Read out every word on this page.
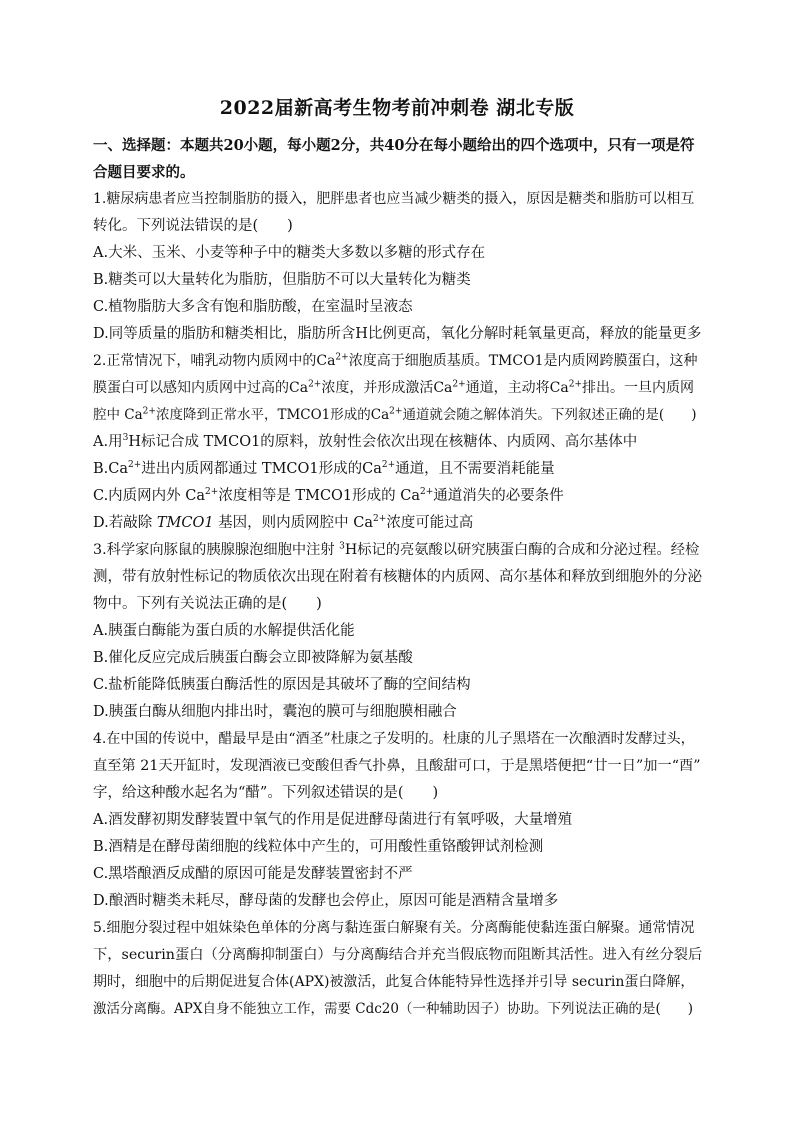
2022届新高考生物考前冲刺卷 湖北专版
一、选择题：本题共20小题，每小题2分，共40分在每小题给出的四个选项中，只有一项是符
合题目要求的。
1.糖尿病患者应当控制脂肪的摄入，肥胖患者也应当减少糖类的摄入，原因是糖类和脂肪可以相互
转化。下列说法错误的是(　　)
A.大米、玉米、小麦等种子中的糖类大多数以多糖的形式存在
B.糖类可以大量转化为脂肪，但脂肪不可以大量转化为糖类
C.植物脂肪大多含有饱和脂肪酸，在室温时呈液态
D.同等质量的脂肪和糖类相比，脂肪所含H比例更高，氧化分解时耗氧量更高，释放的能量更多
2.正常情况下，哺乳动物内质网中的$Ca^{2+}$浓度高于细胞质基质。TMCO1是内质网跨膜蛋白，这种
膜蛋白可以感知内质网中过高的$Ca^{2+}$浓度，并形成激活$Ca^{2+}$通道，主动将$Ca^{2+}$排出。一旦内质网
腔中 $Ca^{2+}$浓度降到正常水平，TMCO1形成的$Ca^{2+}$通道就会随之解体消失。下列叙述正确的是(　　)
A.用$^3$H标记合成 TMCO1的原料，放射性会依次出现在核糖体、内质网、高尔基体中
$B.Ca^{2+}$进出内质网都通过 TMCO1形成的$Ca^{2+}$通道，且不需要消耗能量
C.内质网内外 $Ca^{2+}$浓度相等是 TMCO1形成的 $Ca^{2+}$通道消失的必要条件
D.若敲除 TMCO1 基因，则内质网腔中 $Ca^{2+}$浓度可能过高
3.科学家向豚鼠的胰腺腺泡细胞中注射 $^3$H标记的亮氨酸以研究胰蛋白酶的合成和分泌过程。经检
测，带有放射性标记的物质依次出现在附着有核糖体的内质网、高尔基体和释放到细胞外的分泌
物中。下列有关说法正确的是(　　)
A.胰蛋白酶能为蛋白质的水解提供活化能
B.催化反应完成后胰蛋白酶会立即被降解为氨基酸
C.盐析能降低胰蛋白酶活性的原因是其破坏了酶的空间结构
D.胰蛋白酶从细胞内排出时，囊泡的膜可与细胞膜相融合
4.在中国的传说中，醋最早是由“酒圣”杜康之子发明的。杜康的儿子黑塔在一次酿酒时发酵过头，
直至第 21天开缸时，发现酒液已变酸但香气扑鼻，且酸甜可口，于是黑塔便把“廿一日”加一“酉”
字，给这种酸水起名为“醋”。下列叙述错误的是(　　)
A.酒发酵初期发酵装置中氧气的作用是促进酵母菌进行有氧呼吸，大量增殖
B.酒精是在酵母菌细胞的线粒体中产生的，可用酸性重铬酸钾试剂检测
C.黑塔酿酒反成醋的原因可能是发酵装置密封不严
D.酿酒时糖类未耗尽，酵母菌的发酵也会停止，原因可能是酒精含量增多
5.细胞分裂过程中姐妹染色单体的分离与黏连蛋白解聚有关。分离酶能使黏连蛋白解聚。通常情况
下，securin蛋白（分离酶抑制蛋白）与分离酶结合并充当假底物而阻断其活性。进入有丝分裂后
期时，细胞中的后期促进复合体(APX)被激活，此复合体能特异性选择并引导 securin蛋白降解，
激活分离酶。APX自身不能独立工作，需要 Cdc20（一种辅助因子）协助。下列说法正确的是(　　)
